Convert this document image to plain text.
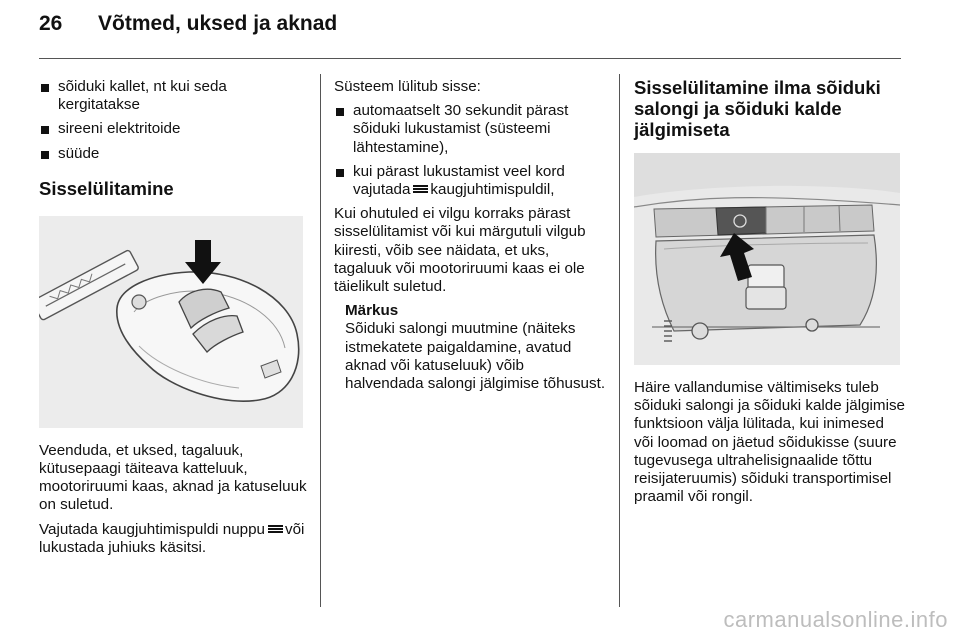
26 Võtmed, uksed ja aknad
sõiduki kallet, nt kui seda kergitatakse
sireeni elektritoide
süüde
Sisselülitamine

Veenduda, et uksed, tagaluuk, kütusepaagi täiteava katteluuk, mootoriruumi kaas, aknad ja katuseluuk on suletud.

Vajutada kaugjuhtimispuldi nuppu või lukustada juhiuks käsitsi.

Süsteem lülitub sisse:

automaatselt 30 sekundit pärast sõiduki lukustamist (süsteemi lähtestamine),
kui pärast lukustamist veel kord vajutada kaugjuhtimispuldil,

Kui ohutuled ei vilgu korraks pärast sisselülitamist või kui märgutuli vilgub kiiresti, võib see näidata, et uks, tagaluuk või mootoriruumi kaas ei ole täielikult suletud.

Märkus
Sõiduki salongi muutmine (näiteks istmekatete paigaldamine, avatud aknad või katuseluuk) võib halvendada salongi jälgimise tõhusust.
Sisselülitamine ilma sõiduki salongi ja sõiduki kalde jälgimiseta

Häire vallandumise vältimiseks tuleb sõiduki salongi ja sõiduki kalde jälgimise funktsioon välja lülitada, kui inimesed või loomad on jäetud sõidukisse (suure tugevusega ultrahelisignaalide tõttu reisijateruumis) sõiduki transportimisel praamil või rongil.

carmanualsonline.info
